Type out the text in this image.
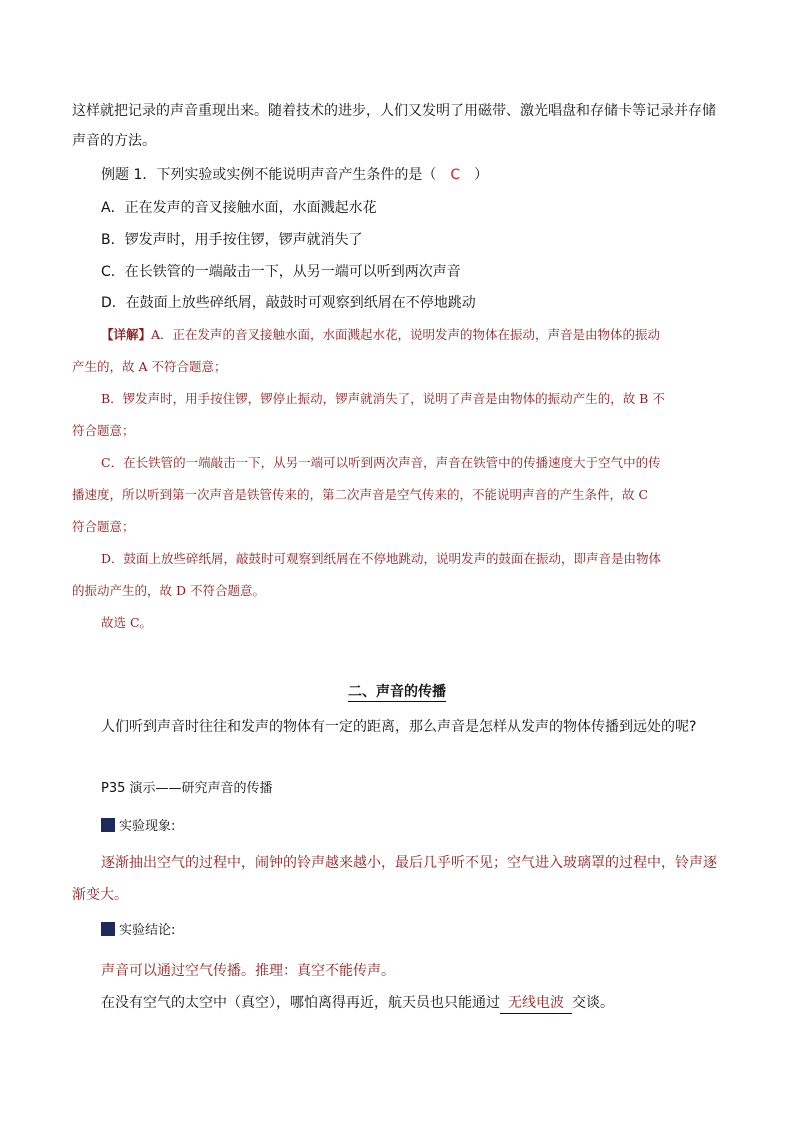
这样就把记录的声音重现出来。随着技术的进步，人们又发明了用磁带、激光唱盘和存储卡等记录并存储
声音的方法。
例题 1．下列实验或实例不能说明声音产生条件的是（ C ）
A．正在发声的音叉接触水面，水面溅起水花
B．锣发声时，用手按住锣，锣声就消失了
C．在长铁管的一端敲击一下，从另一端可以听到两次声音
D．在鼓面上放些碎纸屑，敲鼓时可观察到纸屑在不停地跳动
【详解】A．正在发声的音叉接触水面，水面溅起水花，说明发声的物体在振动，声音是由物体的振动
产生的，故 A 不符合题意；
B．锣发声时，用手按住锣，锣停止振动，锣声就消失了，说明了声音是由物体的振动产生的，故 B 不
符合题意；
C．在长铁管的一端敲击一下，从另一端可以听到两次声音，声音在铁管中的传播速度大于空气中的传
播速度，所以听到第一次声音是铁管传来的，第二次声音是空气传来的，不能说明声音的产生条件，故 C
符合题意；
D．鼓面上放些碎纸屑，敲鼓时可观察到纸屑在不停地跳动，说明发声的鼓面在振动，即声音是由物体
的振动产生的，故 D 不符合题意。
故选 C。
二、声音的传播
人们听到声音时往往和发声的物体有一定的距离，那么声音是怎样从发声的物体传播到远处的呢?
P35 演示——研究声音的传播
实验现象:
逐渐抽出空气的过程中，闹钟的铃声越来越小，最后几乎听不见；空气进入玻璃罩的过程中，铃声逐
渐变大。
实验结论:
声音可以通过空气传播。推理：真空不能传声。
在没有空气的太空中（真空），哪怕离得再近，航天员也只能通过 无线电波 交谈。
